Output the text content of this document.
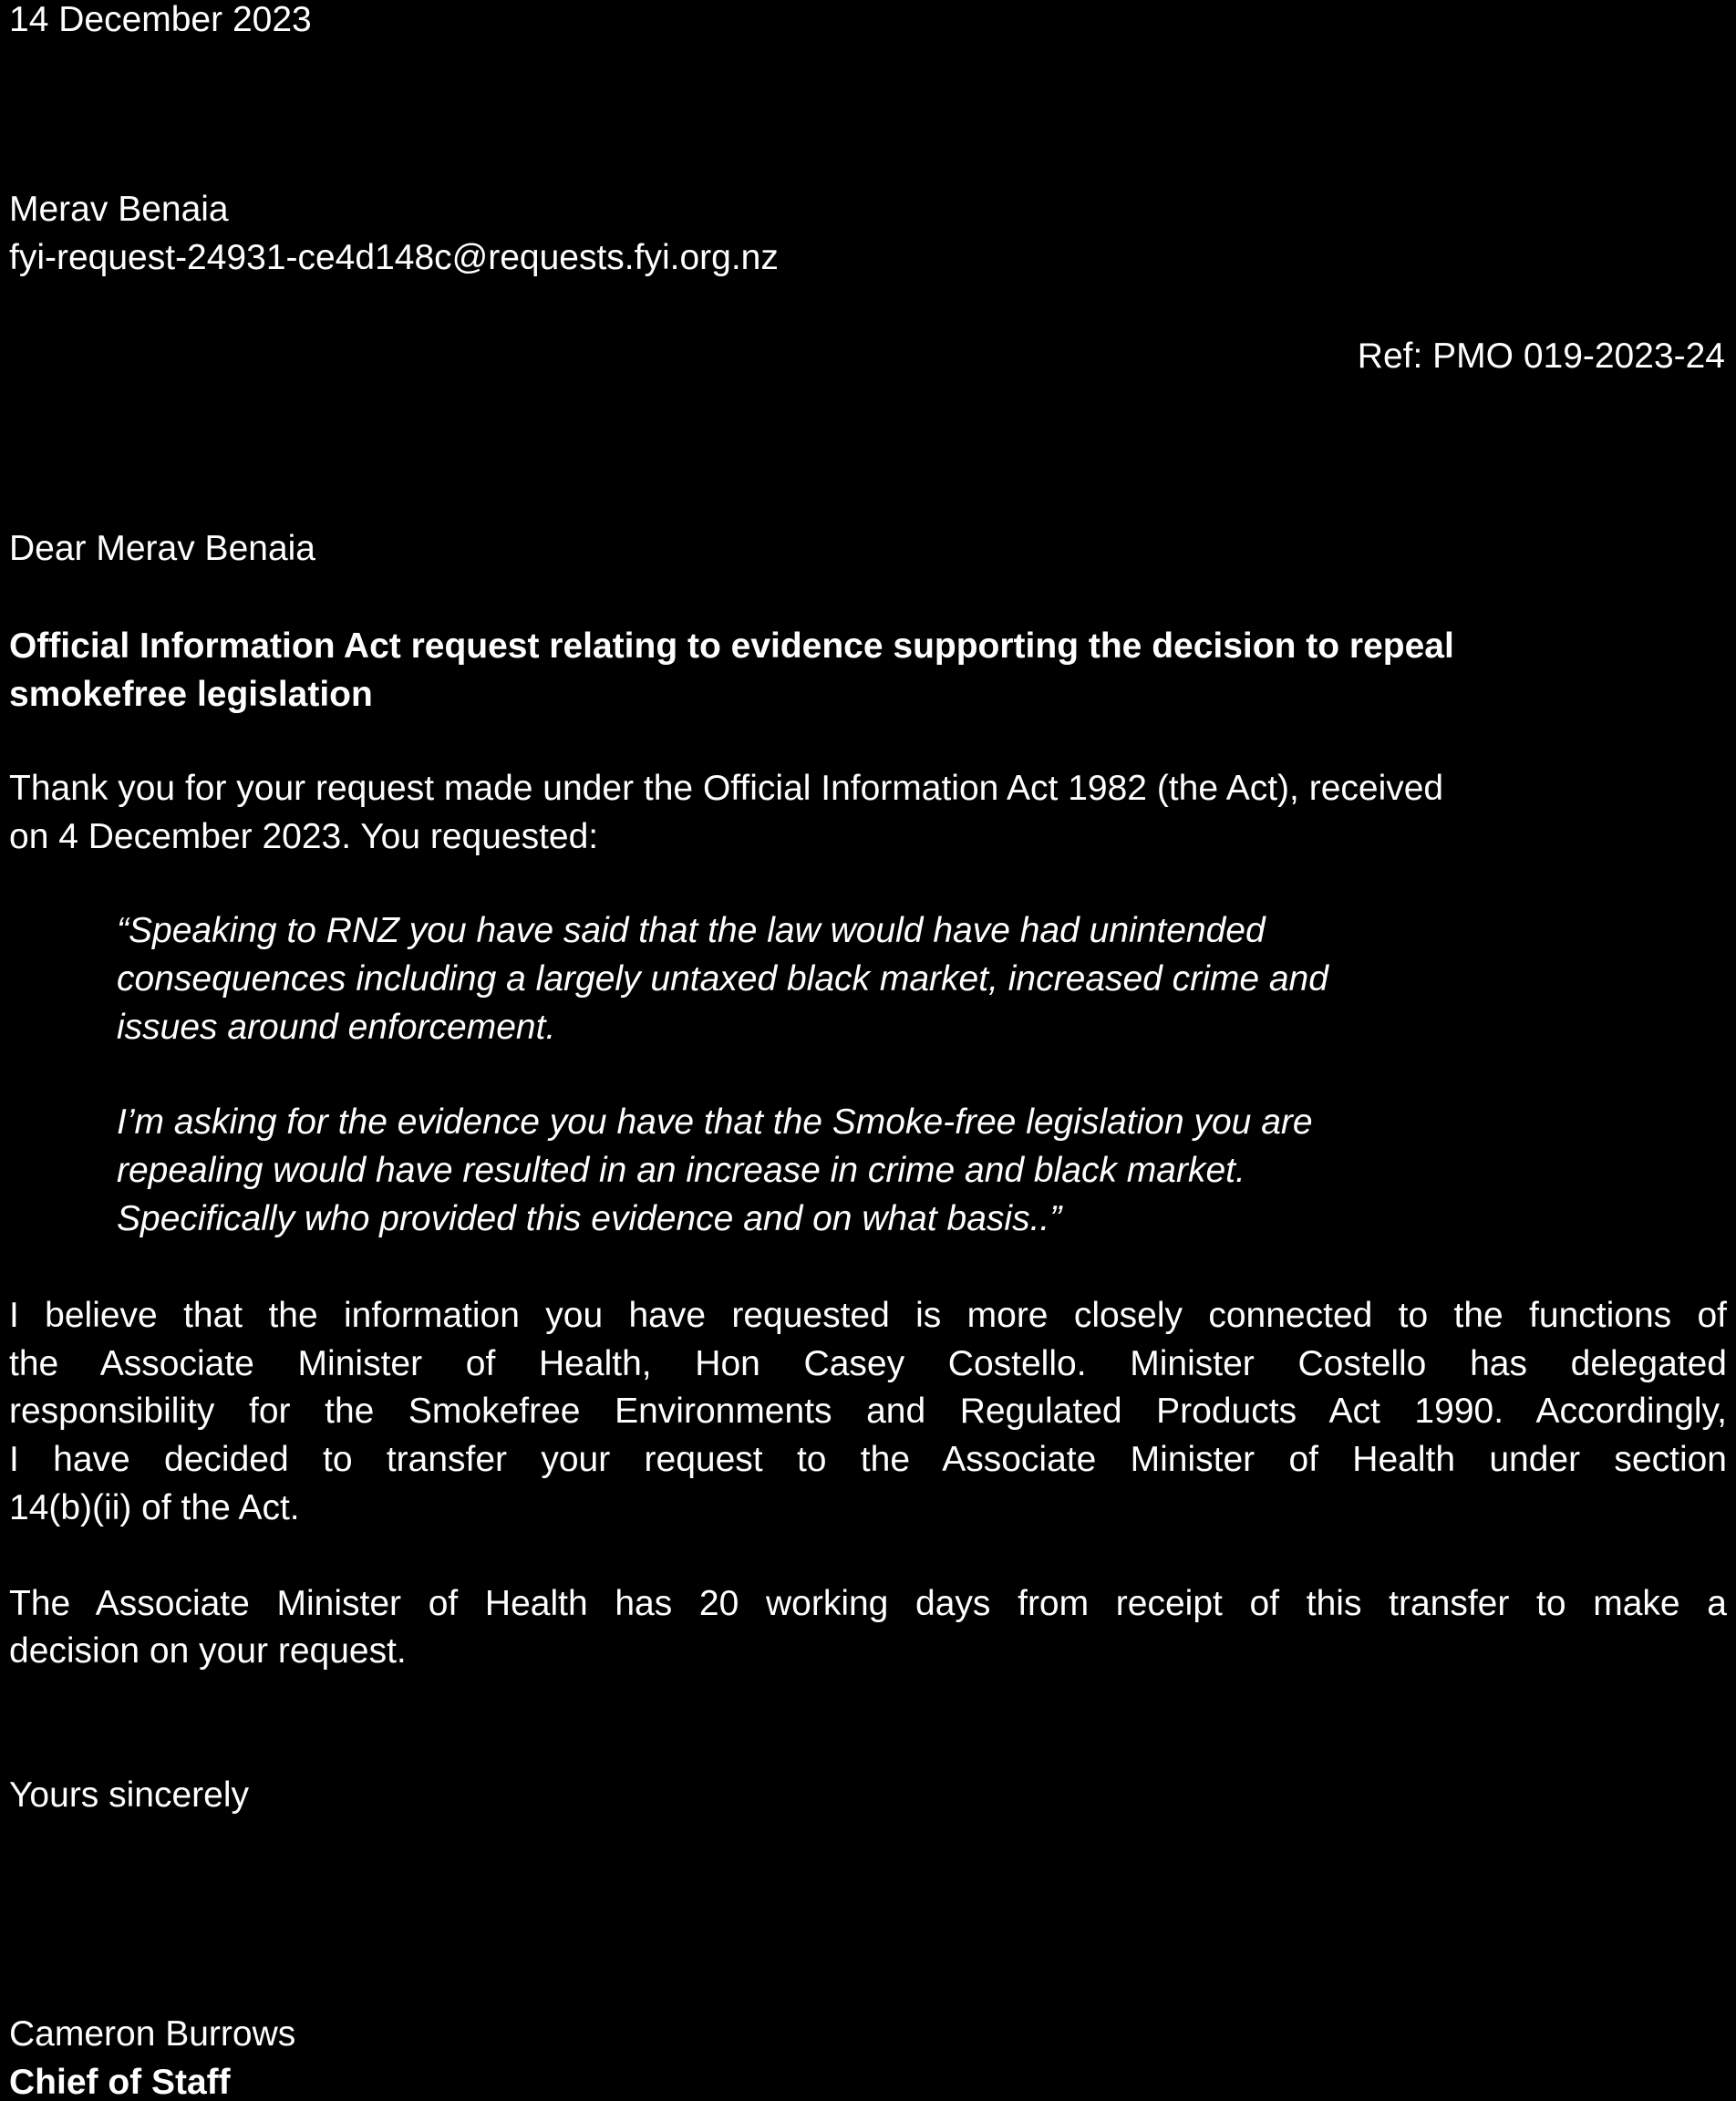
14 December 2023
Merav Benaia
fyi-request-24931-ce4d148c@requests.fyi.org.nz
Ref: PMO 019-2023-24
Dear Merav Benaia
Official Information Act request relating to evidence supporting the decision to repeal
smokefree legislation
Thank you for your request made under the Official Information Act 1982 (the Act), received
on 4 December 2023. You requested:
“Speaking to RNZ you have said that the law would have had unintended
consequences including a largely untaxed black market, increased crime and
issues around enforcement.
I’m asking for the evidence you have that the Smoke-free legislation you are
repealing would have resulted in an increase in crime and black market.
Specifically who provided this evidence and on what basis..”
I believe that the information you have requested is more closely connected to the functions of
the Associate Minister of Health, Hon Casey Costello. Minister Costello has delegated
responsibility for the Smokefree Environments and Regulated Products Act 1990. Accordingly,
I have decided to transfer your request to the Associate Minister of Health under section
14(b)(ii) of the Act.
The Associate Minister of Health has 20 working days from receipt of this transfer to make a
decision on your request.
Yours sincerely
Cameron Burrows
Chief of Staff
